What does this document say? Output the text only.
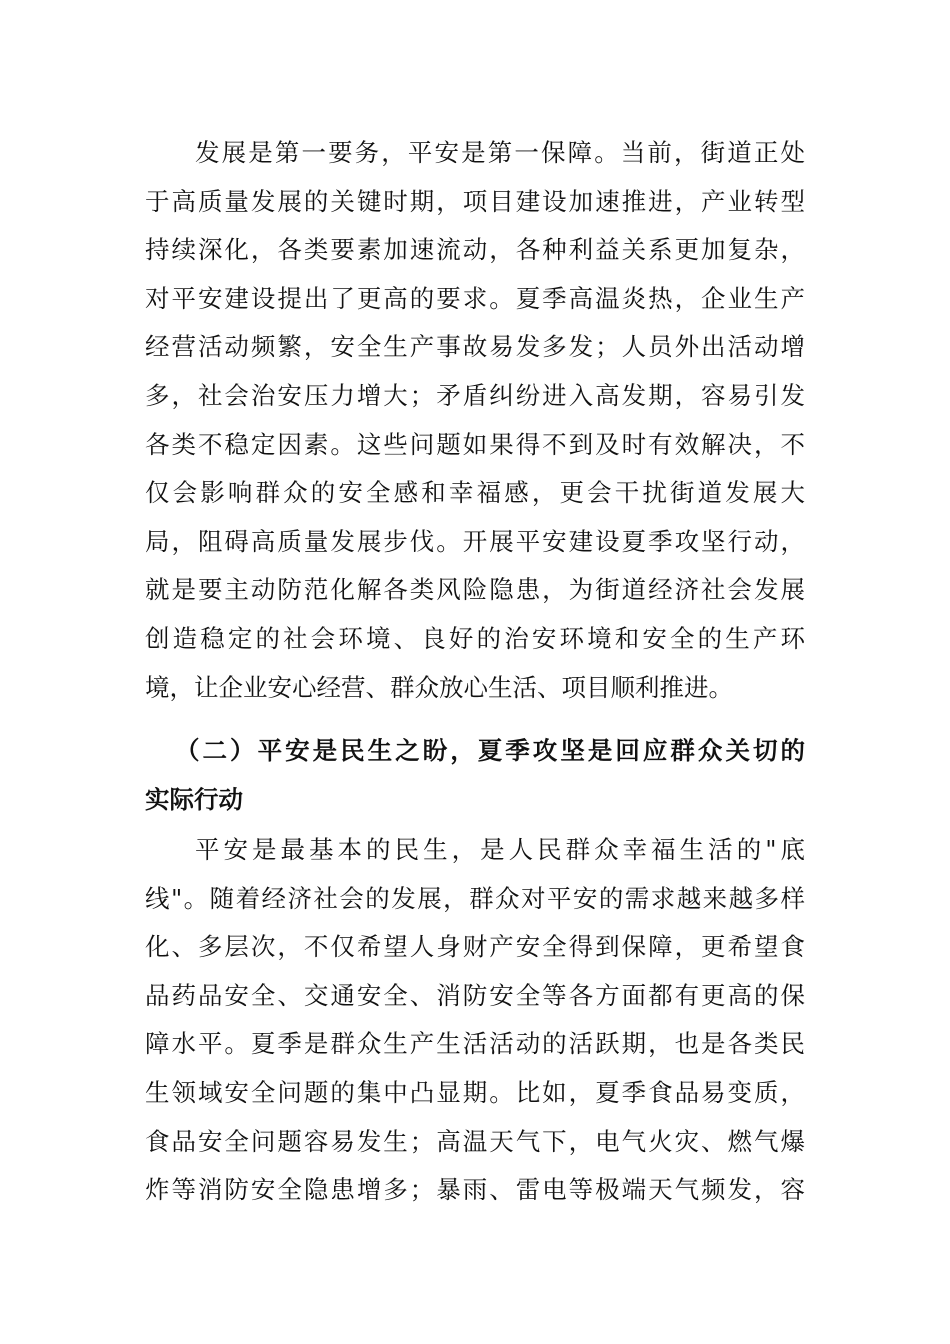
发展是第一要务，平安是第一保障。当前，街道正处
于高质量发展的关键时期，项目建设加速推进，产业转型
持续深化，各类要素加速流动，各种利益关系更加复杂，
对平安建设提出了更高的要求。夏季高温炎热，企业生产
经营活动频繁，安全生产事故易发多发；人员外出活动增
多，社会治安压力增大；矛盾纠纷进入高发期，容易引发
各类不稳定因素。这些问题如果得不到及时有效解决，不
仅会影响群众的安全感和幸福感，更会干扰街道发展大
局，阻碍高质量发展步伐。开展平安建设夏季攻坚行动，
就是要主动防范化解各类风险隐患，为街道经济社会发展
创造稳定的社会环境、良好的治安环境和安全的生产环
境，让企业安心经营、群众放心生活、项目顺利推进。
（二）平安是民生之盼，夏季攻坚是回应群众关切的
实际行动
平安是最基本的民生，是人民群众幸福生活的"底
线"。随着经济社会的发展，群众对平安的需求越来越多样
化、多层次，不仅希望人身财产安全得到保障，更希望食
品药品安全、交通安全、消防安全等各方面都有更高的保
障水平。夏季是群众生产生活活动的活跃期，也是各类民
生领域安全问题的集中凸显期。比如，夏季食品易变质，
食品安全问题容易发生；高温天气下，电气火灾、燃气爆
炸等消防安全隐患增多；暴雨、雷电等极端天气频发，容
